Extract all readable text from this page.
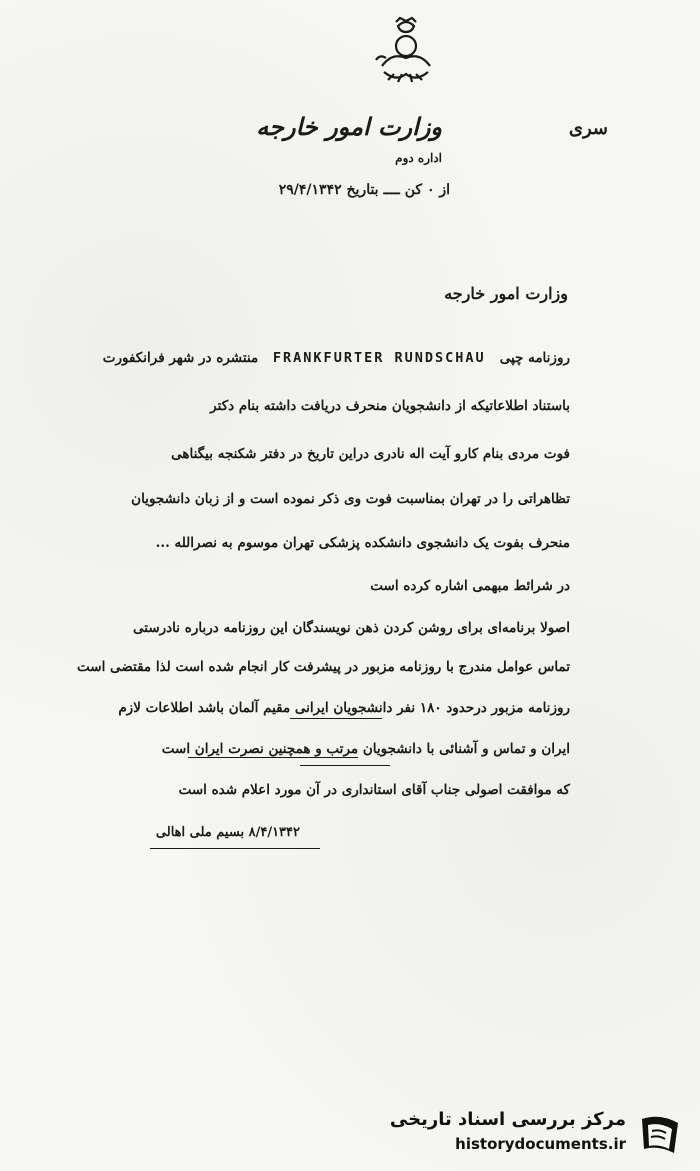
سری
وزارت امور خارجه
اداره دوم
از ۰ کن ــــ بتاریخ ۲۹/۴/۱۳۴۲
وزارت امور خارجه
روزنامه چپی   FRANKFURTER RUNDSCHAU   منتشره در شهر فرانکفورت
باستناد اطلاعاتیکه از دانشجویان منحرف دریافت داشته بنام دکتر
فوت مردی بنام کارو آیت اله نادری دراین تاریخ در دفتر شکنجه بیگناهی
تظاهراتی را در تهران بمناسبت فوت وی ذکر نموده است و از زبان دانشجویان
منحرف بفوت یک دانشجوی دانشکده پزشکی تهران موسوم به نصرالله ...
در شرائط مبهمی اشاره کرده است
اصولا برنامه‌ای برای روشن کردن ذهن نویسندگان این روزنامه درباره نادرستی
تماس عوامل مندرج با روزنامه مزبور در پیشرفت کار انجام شده است لذا مقتضی است
روزنامه مزبور درحدود ۱۸۰ نفر دانشجویان ایرانی مقیم آلمان باشد اطلاعات لازم
ایران و تماس و آشنائی با دانشجویان مرتب و همچنین نصرت ایران است
که موافقت اصولی جناب آقای استانداری در آن مورد اعلام شده است
۸/۴/۱۳۴۲ بسیم ملی اهالی
مرکز بررسی اسناد تاریخی
historydocuments.ir
